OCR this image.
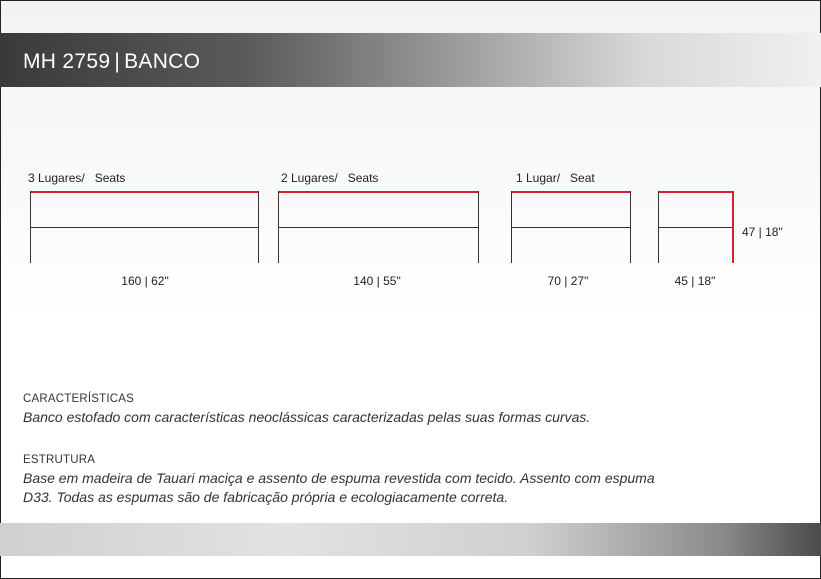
MH 2759 | BANCO
3 Lugares/ Seats
160 | 62"
2 Lugares/ Seats
140 | 55"
1 Lugar/ Seat
70 | 27"	45 | 18"
47 | 18"

CARACTERÍSTICAS

Banco estofado com características neoclássicas caracterizadas pelas suas formas curvas.

ESTRUTURA

Base em madeira de Tauari maciça e assento de espuma revestida com tecido. Assento com espuma

D33. Todas as espumas são de fabricação própria e ecologiacamente correta.
